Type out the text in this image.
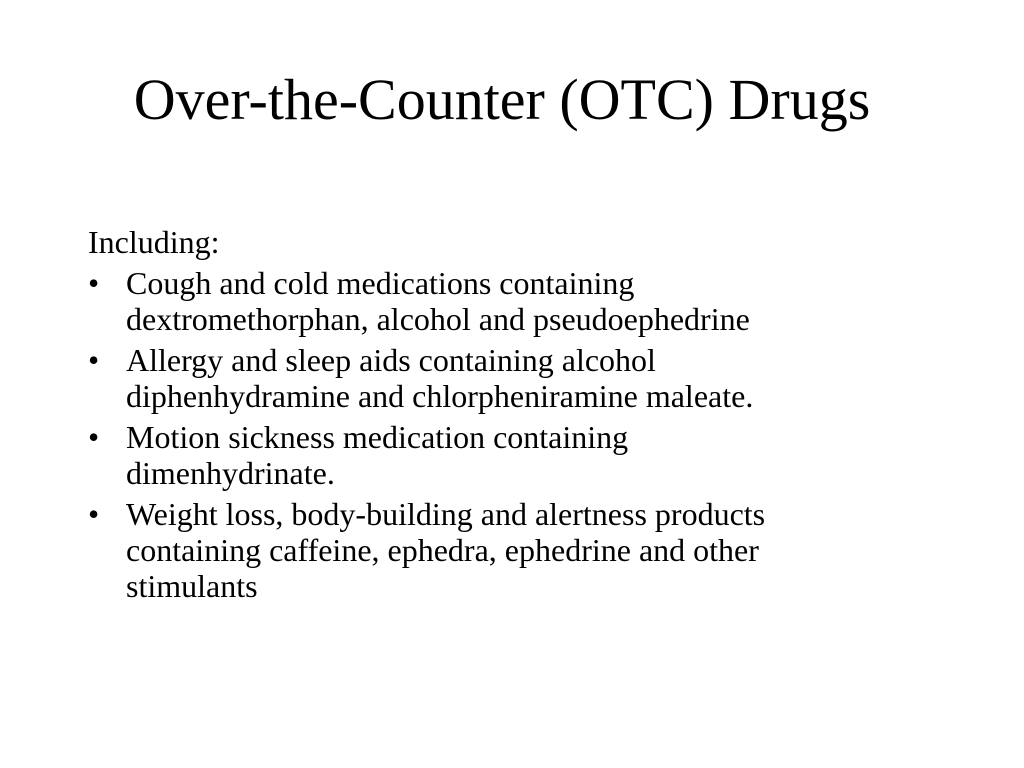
Over-the-Counter (OTC) Drugs

Including:

• Cough and cold medications containing
dextromethorphan, alcohol and pseudoephedrine
• Allergy and sleep aids containing alcohol
diphenhydramine and chlorpheniramine maleate.
• Motion sickness medication containing
dimenhydrinate.
• Weight loss, body-building and alertness products
containing caffeine, ephedra, ephedrine and other
stimulants
